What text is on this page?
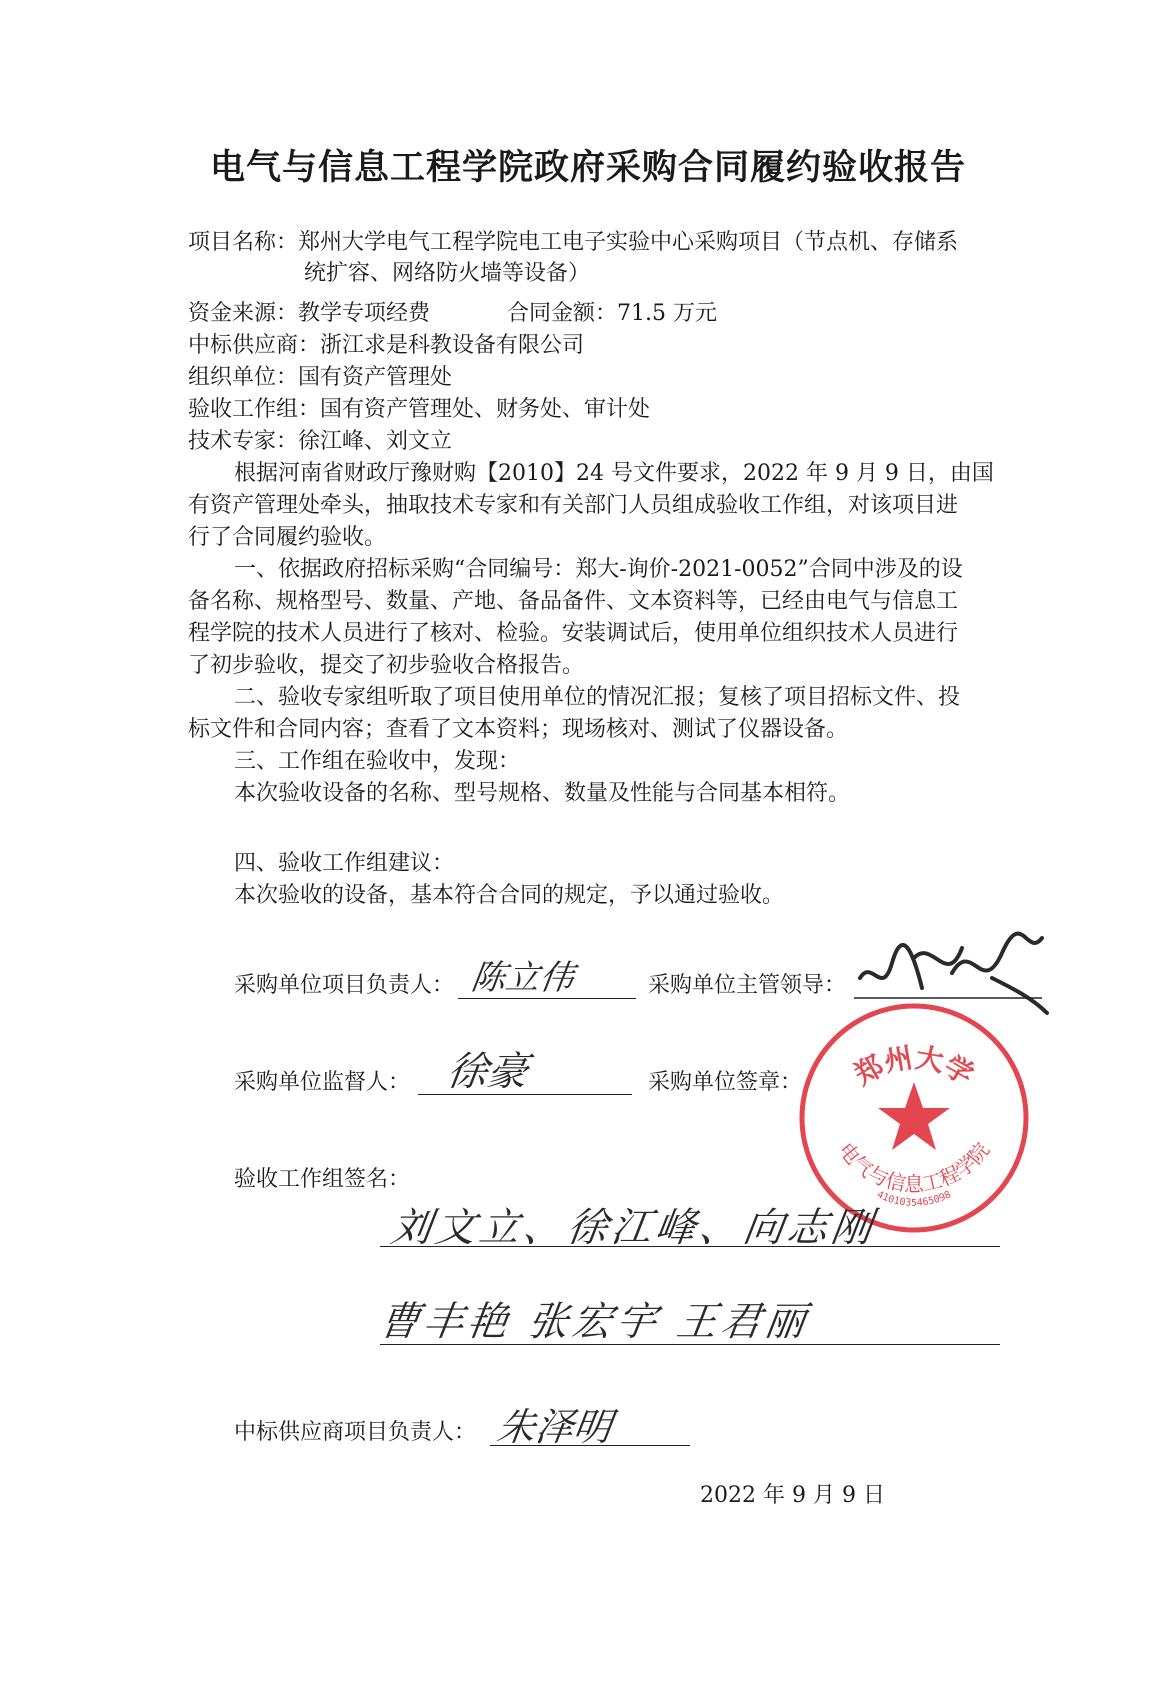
电气与信息工程学院政府采购合同履约验收报告
项目名称：郑州大学电气工程学院电工电子实验中心采购项目（节点机、存储系
统扩容、网络防火墙等设备）
资金来源：教学专项经费	合同金额：71.5 万元
中标供应商：浙江求是科教设备有限公司
组织单位：国有资产管理处
验收工作组：国有资产管理处、财务处、审计处
技术专家：徐江峰、刘文立
根据河南省财政厅豫财购【2010】24 号文件要求，2022 年 9 月 9 日，由国
有资产管理处牵头，抽取技术专家和有关部门人员组成验收工作组，对该项目进
行了合同履约验收。
一、依据政府招标采购“合同编号：郑大-询价-2021-0052”合同中涉及的设
备名称、规格型号、数量、产地、备品备件、文本资料等，已经由电气与信息工
程学院的技术人员进行了核对、检验。安装调试后，使用单位组织技术人员进行
了初步验收，提交了初步验收合格报告。
二、验收专家组听取了项目使用单位的情况汇报；复核了项目招标文件、投
标文件和合同内容；查看了文本资料；现场核对、测试了仪器设备。
三、工作组在验收中，发现：
本次验收设备的名称、型号规格、数量及性能与合同基本相符。
四、验收工作组建议：
本次验收的设备，基本符合合同的规定，予以通过验收。
采购单位项目负责人： 陈立伟	采购单位主管领导：
采购单位监督人： 徐豪	采购单位签章： 郑州大学
电气与信息工程学院
4101035465098
验收工作组签名：
刘文立、徐江峰、向志刚
曹丰艳 张宏宇 王君丽
中标供应商项目负责人： 朱泽明
2022 年 9 月 9 日
